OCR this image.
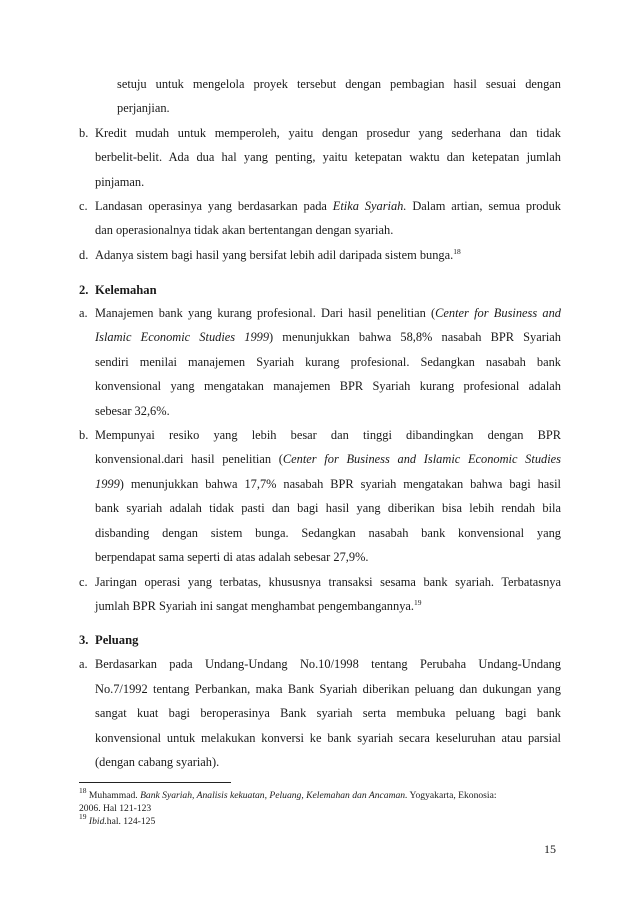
setuju untuk mengelola proyek tersebut dengan pembagian hasil sesuai dengan
perjanjian.
b. Kredit mudah untuk memperoleh, yaitu dengan prosedur yang sederhana dan tidak
berbelit-belit. Ada dua hal yang penting, yaitu ketepatan waktu dan ketepatan jumlah
pinjaman.
c. Landasan operasinya yang berdasarkan pada Etika Syariah. Dalam artian, semua produk
dan operasionalnya tidak akan bertentangan dengan syariah.
d. Adanya sistem bagi hasil yang bersifat lebih adil daripada sistem bunga.$^{18}$
2. Kelemahan
a. Manajemen bank yang kurang profesional. Dari hasil penelitian (Center for Business and
Islamic Economic Studies 1999) menunjukkan bahwa 58,8% nasabah BPR Syariah
sendiri menilai manajemen Syariah kurang profesional. Sedangkan nasabah bank
konvensional yang mengatakan manajemen BPR Syariah kurang profesional adalah
sebesar 32,6%.
b. Mempunyai resiko yang lebih besar dan tinggi dibandingkan dengan BPR
konvensional.dari hasil penelitian (Center for Business and Islamic Economic Studies
1999) menunjukkan bahwa 17,7% nasabah BPR syariah mengatakan bahwa bagi hasil
bank syariah adalah tidak pasti dan bagi hasil yang diberikan bisa lebih rendah bila
disbanding dengan sistem bunga. Sedangkan nasabah bank konvensional yang
berpendapat sama seperti di atas adalah sebesar 27,9%.
c. Jaringan operasi yang terbatas, khususnya transaksi sesama bank syariah. Terbatasnya
jumlah BPR Syariah ini sangat menghambat pengembangannya.$^{19}$
3. Peluang
a. Berdasarkan pada Undang-Undang No.10/1998 tentang Perubaha Undang-Undang
No.7/1992 tentang Perbankan, maka Bank Syariah diberikan peluang dan dukungan yang
sangat kuat bagi beroperasinya Bank syariah serta membuka peluang bagi bank
konvensional untuk melakukan konversi ke bank syariah secara keseluruhan atau parsial
(dengan cabang syariah).
$^{18}$ Muhammad. Bank Syariah, Analisis kekuatan, Peluang, Kelemahan dan Ancaman. Yogyakarta, Ekonosia:
2006. Hal 121-123
$^{19}$ Ibid.hal. 124-125
15
